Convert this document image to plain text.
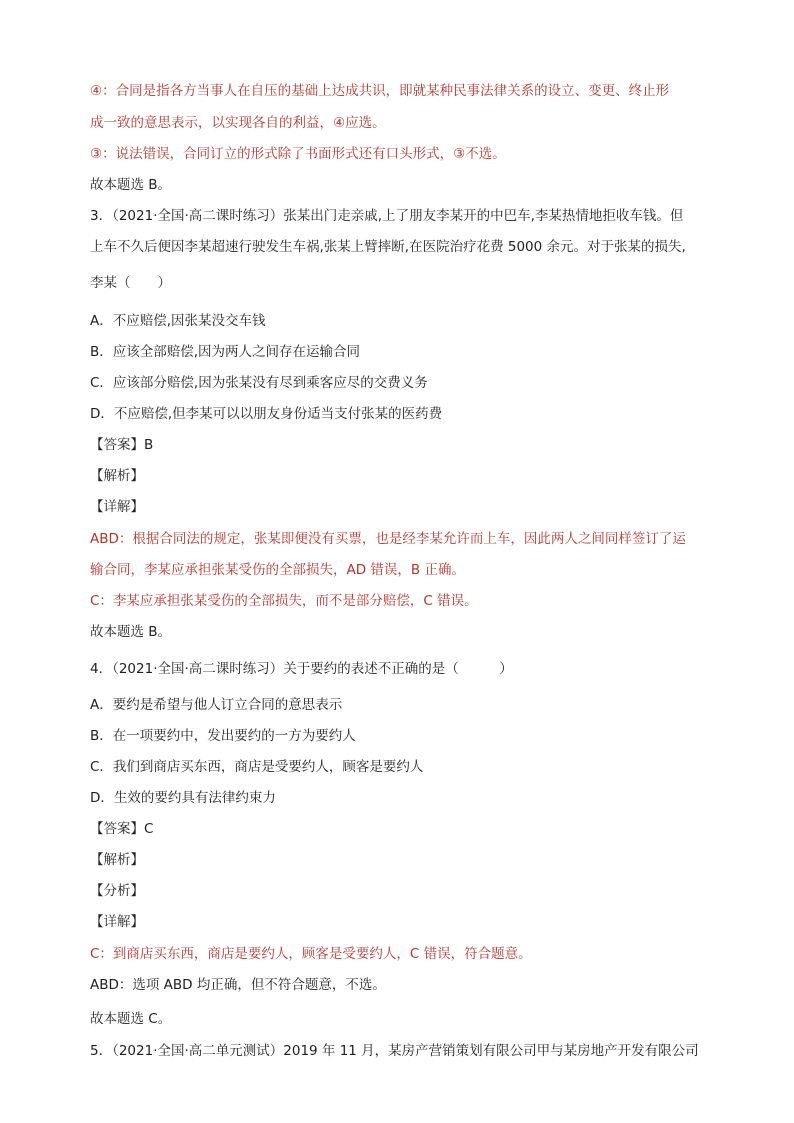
④：合同是指各方当事人在自压的基础上达成共识，即就某种民事法律关系的设立、变更、终止形
成一致的意思表示，以实现各自的利益，④应选。
③：说法错误，合同订立的形式除了书面形式还有口头形式，③不选。
故本题选 B。
3．（2021·全国·高二课时练习）张某出门走亲戚,上了朋友李某开的中巴车,李某热情地拒收车钱。但
上车不久后便因李某超速行驶发生车祸,张某上臂摔断,在医院治疗花费 5000 余元。对于张某的损失,
李某（　　）
A．不应赔偿,因张某没交车钱
B．应该全部赔偿,因为两人之间存在运输合同
C．应该部分赔偿,因为张某没有尽到乘客应尽的交费义务
D．不应赔偿,但李某可以以朋友身份适当支付张某的医药费
【答案】B
【解析】
【详解】
ABD：根据合同法的规定，张某即便没有买票，也是经李某允许而上车，因此两人之间同样签订了运
输合同，李某应承担张某受伤的全部损失，AD 错误，B 正确。
C：李某应承担张某受伤的全部损失，而不是部分赔偿，C 错误。
故本题选 B。
4．（2021·全国·高二课时练习）关于要约的表述不正确的是（　　　）
A．要约是希望与他人订立合同的意思表示
B．在一项要约中，发出要约的一方为要约人
C．我们到商店买东西，商店是受要约人，顾客是要约人
D．生效的要约具有法律约束力
【答案】C
【解析】
【分析】
【详解】
C：到商店买东西，商店是要约人，顾客是受要约人，C 错误，符合题意。
ABD：选项 ABD 均正确，但不符合题意，不选。
故本题选 C。
5．（2021·全国·高二单元测试）2019 年 11 月，某房产营销策划有限公司甲与某房地产开发有限公司
